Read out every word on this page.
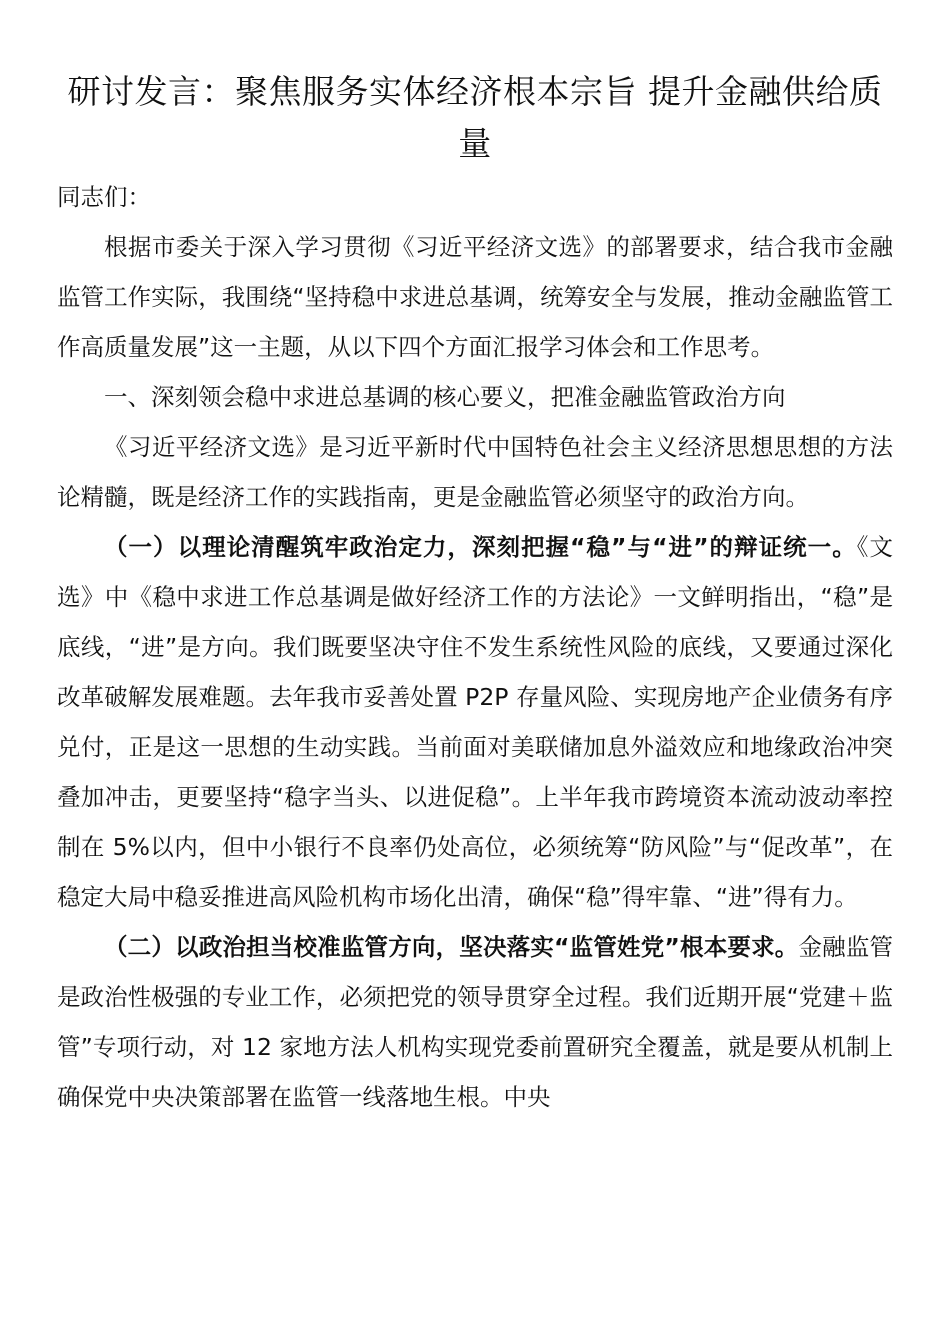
研讨发言：聚焦服务实体经济根本宗旨 提升金融供给质量

同志们：

根据市委关于深入学习贯彻《习近平经济文选》的部署要求，结合我市金融监管工作实际，我围绕“坚持稳中求进总基调，统筹安全与发展，推动金融监管工作高质量发展”这一主题，从以下四个方面汇报学习体会和工作思考。

一、深刻领会稳中求进总基调的核心要义，把准金融监管政治方向

《习近平经济文选》是习近平新时代中国特色社会主义经济思想思想的方法论精髓，既是经济工作的实践指南，更是金融监管必须坚守的政治方向。

（一）以理论清醒筑牢政治定力，深刻把握“稳”与“进”的辩证统一。《文选》中《稳中求进工作总基调是做好经济工作的方法论》一文鲜明指出，“稳”是底线，“进”是方向。我们既要坚决守住不发生系统性风险的底线，又要通过深化改革破解发展难题。去年我市妥善处置 P2P 存量风险、实现房地产企业债务有序兑付，正是这一思想的生动实践。当前面对美联储加息外溢效应和地缘政治冲突叠加冲击，更要坚持“稳字当头、以进促稳”。上半年我市跨境资本流动波动率控制在 5%以内，但中小银行不良率仍处高位，必须统筹“防风险”与“促改革”，在稳定大局中稳妥推进高风险机构市场化出清，确保“稳”得牢靠、“进”得有力。

（二）以政治担当校准监管方向，坚决落实“监管姓党”根本要求。金融监管是政治性极强的专业工作，必须把党的领导贯穿全过程。我们近期开展“党建＋监管”专项行动，对 12 家地方法人机构实现党委前置研究全覆盖，就是要从机制上确保党中央决策部署在监管一线落地生根。中央
